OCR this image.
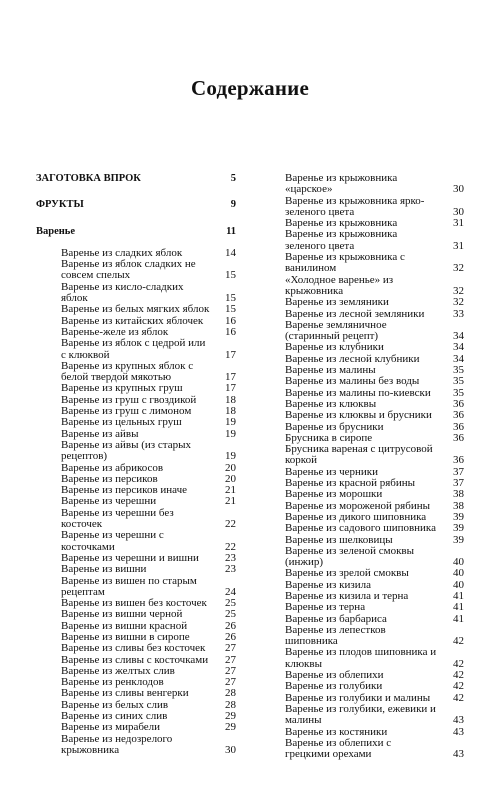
Содержание
ЗАГОТОВКА ВПРОК	5
ФРУКТЫ	9
Варенье	11
Варенье из сладких яблок	14
Варенье из яблок сладких не совсем спелых	15
Варенье из кисло-сладких яблок	15
Варенье из белых мягких яблок 15
Варенье из китайских яблочек	16
Варенье-желе из яблок	16
Варенье из яблок с цедрой или с клюквой	17
Варенье из крупных яблок с белой твердой мякотью	17
Варенье из крупных груш	17
Варенье из груш с гвоздикой	18
Варенье из груш с лимоном	18
Варенье из цельных груш	19
Варенье из айвы	19
Варенье из айвы (из старых рецептов)	19
Варенье из абрикосов	20
Варенье из персиков	20
Варенье из персиков иначе	21
Варенье из черешни	21
Варенье из черешни без косточек	22
Варенье из черешни с косточками	22
Варенье из черешни и вишни	23
Варенье из вишни	23
Варенье из вишен по старым рецептам	24
Варенье из вишен без косточек	25
Варенье из вишни черной	25
Варенье из вишни красной	26
Варенье из вишни в сиропе	26
Варенье из сливы без косточек	27
Варенье из сливы с косточками	27
Варенье из желтых слив	27
Варенье из ренклодов	27
Варенье из сливы венгерки	28
Варенье из белых слив	28
Варенье из синих слив	29
Варенье из мирабели	29
Варенье из недозрелого крыжовника	30
Варенье из крыжовника «царское»	30
Варенье из крыжовника ярко-зеленого цвета	30
Варенье из крыжовника	31
Варенье из крыжовника зеленого цвета	31
Варенье из крыжовника с ванилином	32
«Холодное варенье» из крыжовника	32
Варенье из земляники	32
Варенье из лесной земляники	33
Варенье земляничное (старинный рецепт)	34
Варенье из клубники	34
Варенье из лесной клубники	34
Варенье из малины	35
Варенье из малины без воды	35
Варенье из малины по-киевски	35
Варенье из клюквы	36
Варенье из клюквы и брусники	36
Варенье из брусники	36
Брусника в сиропе	36
Брусника вареная с цитрусовой коркой	36
Варенье из черники	37
Варенье из красной рябины	37
Варенье из морошки	38
Варенье из мороженой рябины	38
Варенье из дикого шиповника	39
Варенье из садового шиповника 39
Варенье из шелковицы	39
Варенье из зеленой смоквы (инжир)	40
Варенье из зрелой смоквы	40
Варенье из кизила	40
Варенье из кизила и терна	41
Варенье из терна	41
Варенье из барбариса	41
Варенье из лепестков шиповника	42
Варенье из плодов шиповника и клюквы	42
Варенье из облепихи	42
Варенье из голубики	42
Варенье из голубики и малины	42
Варенье из голубики, ежевики и малины	43
Варенье из костяники	43
Варенье из облепихи с грецкими орехами	43
